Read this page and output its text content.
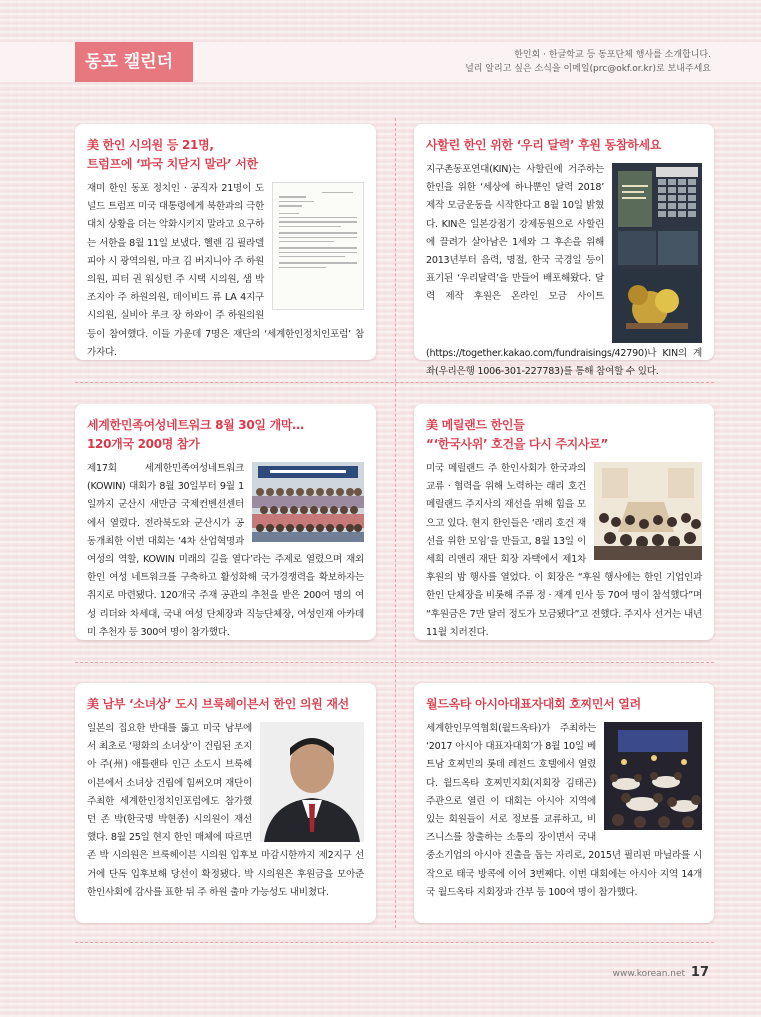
동포 캘린더	한인회 · 한글학교 등 동포단체 행사를 소개합니다.
널리 알리고 싶은 소식을 이메일(prc@okf.or.kr)로 보내주세요
美 한인 시의원 등 21명,
트럼프에 ‘파국 치닫지 말라’ 서한
재미 한인 동포 정치인 · 공직자 21명이 도널드 트럼프 미국 대통령에게 북한과의 극한 대치 상황을 더는 악화시키지 말라고 요구하는 서한을 8월 11일 보냈다. 헬렌 김 필라델피아 시 광역의원, 마크 김 버지니아 주 하원의원, 피터 권 워싱턴 주 시택 시의원, 샘 박 조지아 주 하원의원, 데이비드 류 LA 4지구 시의원, 실비아 루크 장 하와이 주 하원의원 등이 참여했다. 이들 가운데 7명은 재단의 ‘세계한인정치인포럼’ 참가자다.
사할린 한인 위한 ‘우리 달력’ 후원 동참하세요
지구촌동포연대(KIN)는 사할린에 거주하는 한인을 위한 ‘세상에 하나뿐인 달력 2018’ 제작 모금운동을 시작한다고 8월 10일 밝혔다. KIN은 일본강점기 강제동원으로 사할린에 끌려가 살아남은 1세와 그 후손을 위해 2013년부터 음력, 명절, 한국 국경일 등이 표기된 ‘우리달력’을 만들어 배포해왔다. 달력 제작 후원은 온라인 모금 사이트(https://together.kakao.com/fundraisings/42790)나 KIN의 계좌(우리은행 1006-301-227783)를 통해 참여할 수 있다.
세계한민족여성네트워크 8월 30일 개막…
120개국 200명 참가
제17회 세계한민족여성네트워크(KOWIN) 대회가 8월 30일부터 9월 1일까지 군산시 새만금 국제컨벤션센터에서 열렸다. 전라북도와 군산시가 공동개최한 이번 대회는 ‘4차 산업혁명과 여성의 역할, KOWIN 미래의 길을 열다’라는 주제로 열렸으며 재외 한인 여성 네트워크를 구축하고 활성화해 국가경쟁력을 확보하자는 취지로 마련됐다. 120개국 주재 공관의 추천을 받은 200여 명의 여성 리더와 차세대, 국내 여성 단체장과 직능단체장, 여성인재 아카데미 추천자 등 300여 명이 참가했다.
美 메릴랜드 한인들
“‘한국사위’ 호건을 다시 주지사로”
미국 메릴랜드 주 한인사회가 한국과의 교류 · 협력을 위해 노력하는 래리 호건 메릴랜드 주지사의 재선을 위해 힘을 모으고 있다. 현지 한인들은 ‘래리 호건 재선을 위한 모임’을 만들고, 8월 13일 이세희 리앤리 재단 회장 자택에서 제1차 후원의 밤 행사를 열었다. 이 회장은 “후원 행사에는 한인 기업인과 한인 단체장을 비롯해 주류 정 · 재계 인사 등 70여 명이 참석했다”며 “후원금은 7만 달러 정도가 모금됐다”고 전했다. 주지사 선거는 내년 11월 치러진다.
美 남부 ‘소녀상’ 도시 브룩헤이븐서 한인 의원 재선
일본의 집요한 반대를 뚫고 미국 남부에서 최초로 ‘평화의 소녀상’이 건립된 조지아 주(州) 애틀랜타 인근 소도시 브룩헤이븐에서 소녀상 건립에 힘써오며 재단이 주최한 세계한인정치인포럼에도 참가했던 존 박(한국명 박현종) 시의원이 재선했다. 8월 25일 현지 한인 매체에 따르면 존 박 시의원은 브룩헤이븐 시의원 입후보 마감시한까지 제2지구 선거에 단독 입후보해 당선이 확정됐다. 박 시의원은 후원금을 모아준 한인사회에 감사를 표한 뒤 주 하원 출마 가능성도 내비쳤다.
월드옥타 아시아대표자대회 호찌민서 열려
세계한인무역협회(월드옥타)가 주최하는 ‘2017 아시아 대표자대회’가 8월 10일 베트남 호찌민의 롯데 레전드 호텔에서 열렸다. 월드옥타 호찌민지회(지회장 김태곤) 주관으로 열린 이 대회는 아시아 지역에 있는 회원들이 서로 정보를 교류하고, 비즈니스를 창출하는 소통의 장이면서 국내 중소기업의 아시아 진출을 돕는 자리로, 2015년 필리핀 마닐라를 시작으로 태국 방콕에 이어 3번째다. 이번 대회에는 아시아 지역 14개국 월드옥타 지회장과 간부 등 100여 명이 참가했다.
www.korean.net 17
